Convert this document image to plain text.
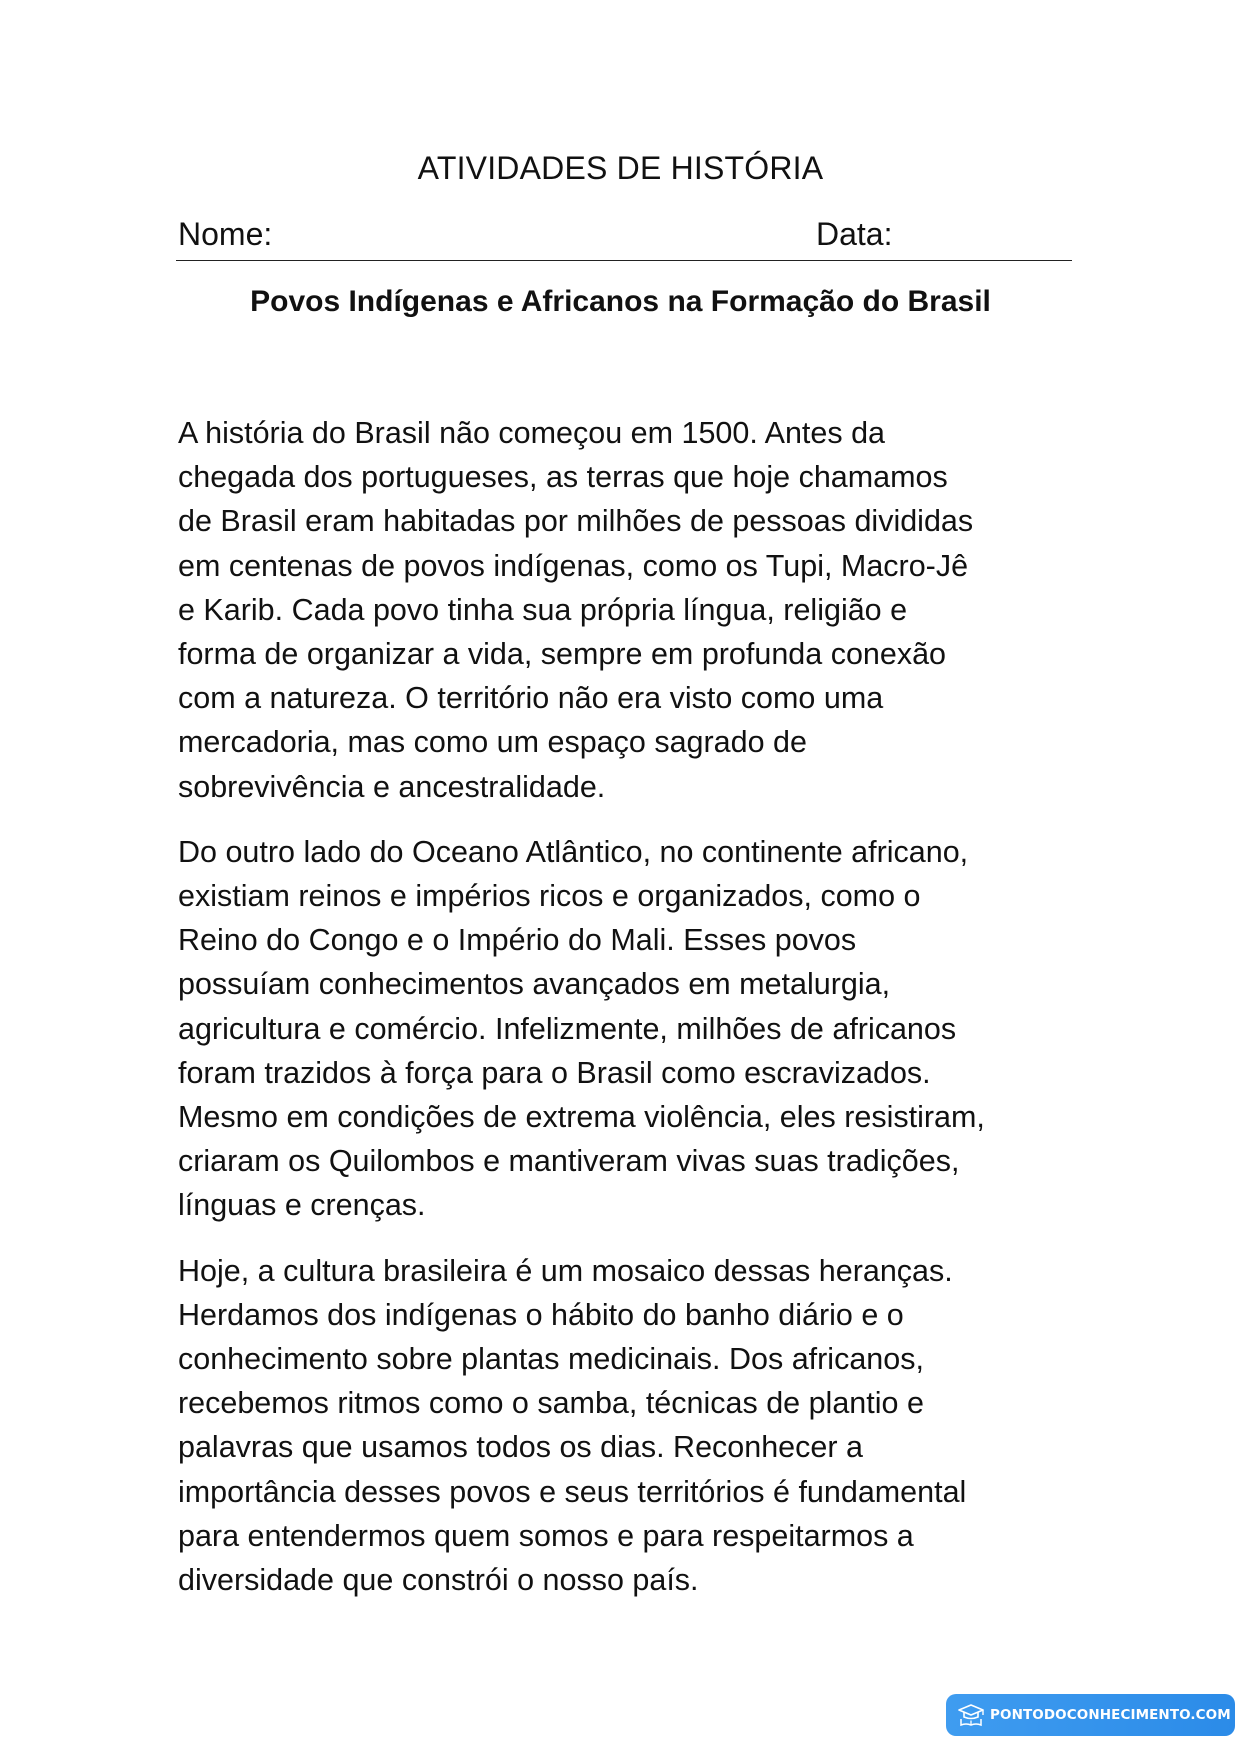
ATIVIDADES DE HISTÓRIA
Nome:	Data:
Povos Indígenas e Africanos na Formação do Brasil

A história do Brasil não começou em 1500. Antes da
chegada dos portugueses, as terras que hoje chamamos
de Brasil eram habitadas por milhões de pessoas divididas
em centenas de povos indígenas, como os Tupi, Macro-Jê
e Karib. Cada povo tinha sua própria língua, religião e
forma de organizar a vida, sempre em profunda conexão
com a natureza. O território não era visto como uma
mercadoria, mas como um espaço sagrado de
sobrevivência e ancestralidade.

Do outro lado do Oceano Atlântico, no continente africano,
existiam reinos e impérios ricos e organizados, como o
Reino do Congo e o Império do Mali. Esses povos
possuíam conhecimentos avançados em metalurgia,
agricultura e comércio. Infelizmente, milhões de africanos
foram trazidos à força para o Brasil como escravizados.
Mesmo em condições de extrema violência, eles resistiram,
criaram os Quilombos e mantiveram vivas suas tradições,
línguas e crenças.

Hoje, a cultura brasileira é um mosaico dessas heranças.
Herdamos dos indígenas o hábito do banho diário e o
conhecimento sobre plantas medicinais. Dos africanos,
recebemos ritmos como o samba, técnicas de plantio e
palavras que usamos todos os dias. Reconhecer a
importância desses povos e seus territórios é fundamental
para entendermos quem somos e para respeitarmos a
diversidade que constrói o nosso país.

PONTODOCONHECIMENTO.COM
